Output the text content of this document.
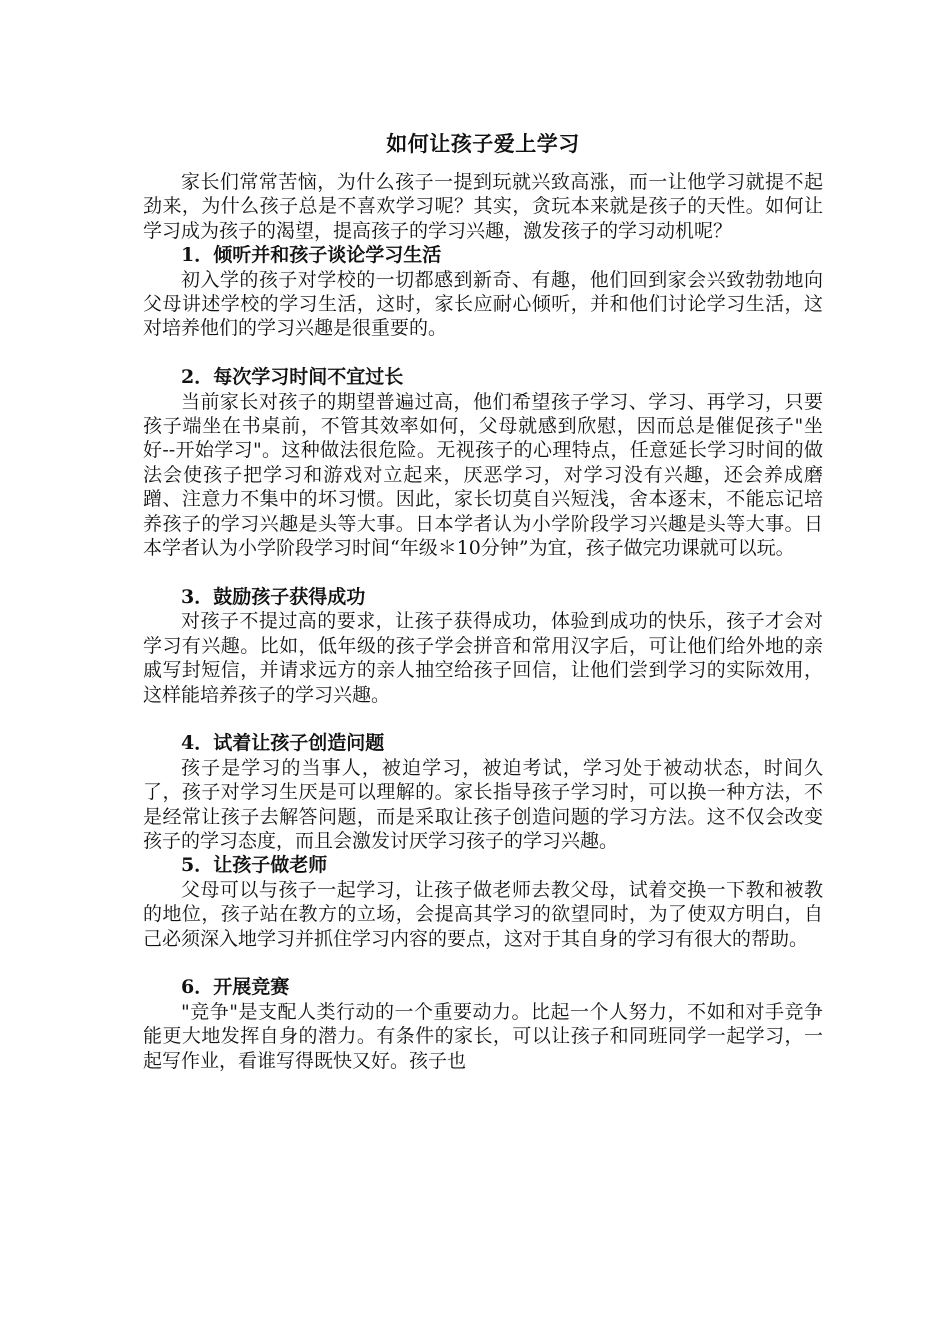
如何让孩子爱上学习

家长们常常苦恼，为什么孩子一提到玩就兴致高涨，而一让他学习就提不起劲来，为什么孩子总是不喜欢学习呢？其实，贪玩本来就是孩子的天性。如何让学习成为孩子的渴望，提高孩子的学习兴趣，激发孩子的学习动机呢？

1．倾听并和孩子谈论学习生活

初入学的孩子对学校的一切都感到新奇、有趣，他们回到家会兴致勃勃地向父母讲述学校的学习生活，这时，家长应耐心倾听，并和他们讨论学习生活，这对培养他们的学习兴趣是很重要的。

2．每次学习时间不宜过长

当前家长对孩子的期望普遍过高，他们希望孩子学习、学习、再学习，只要孩子端坐在书桌前，不管其效率如何，父母就感到欣慰，因而总是催促孩子"坐好--开始学习"。这种做法很危险。无视孩子的心理特点，任意延长学习时间的做法会使孩子把学习和游戏对立起来，厌恶学习，对学习没有兴趣，还会养成磨蹭、注意力不集中的坏习惯。因此，家长切莫自兴短浅，舍本逐末，不能忘记培养孩子的学习兴趣是头等大事。日本学者认为小学阶段学习兴趣是头等大事。日本学者认为小学阶段学习时间“年级＊10分钟”为宜，孩子做完功课就可以玩。

3．鼓励孩子获得成功

对孩子不提过高的要求，让孩子获得成功，体验到成功的快乐，孩子才会对学习有兴趣。比如，低年级的孩子学会拼音和常用汉字后，可让他们给外地的亲戚写封短信，并请求远方的亲人抽空给孩子回信，让他们尝到学习的实际效用，这样能培养孩子的学习兴趣。

4．试着让孩子创造问题

孩子是学习的当事人，被迫学习，被迫考试，学习处于被动状态，时间久了，孩子对学习生厌是可以理解的。家长指导孩子学习时，可以换一种方法，不是经常让孩子去解答问题，而是采取让孩子创造问题的学习方法。这不仅会改变孩子的学习态度，而且会激发讨厌学习孩子的学习兴趣。

5．让孩子做老师

父母可以与孩子一起学习，让孩子做老师去教父母，试着交换一下教和被教的地位，孩子站在教方的立场，会提高其学习的欲望同时，为了使双方明白，自己必须深入地学习并抓住学习内容的要点，这对于其自身的学习有很大的帮助。

6．开展竞赛

"竞争"是支配人类行动的一个重要动力。比起一个人努力，不如和对手竞争能更大地发挥自身的潜力。有条件的家长，可以让孩子和同班同学一起学习，一起写作业，看谁写得既快又好。孩子也
